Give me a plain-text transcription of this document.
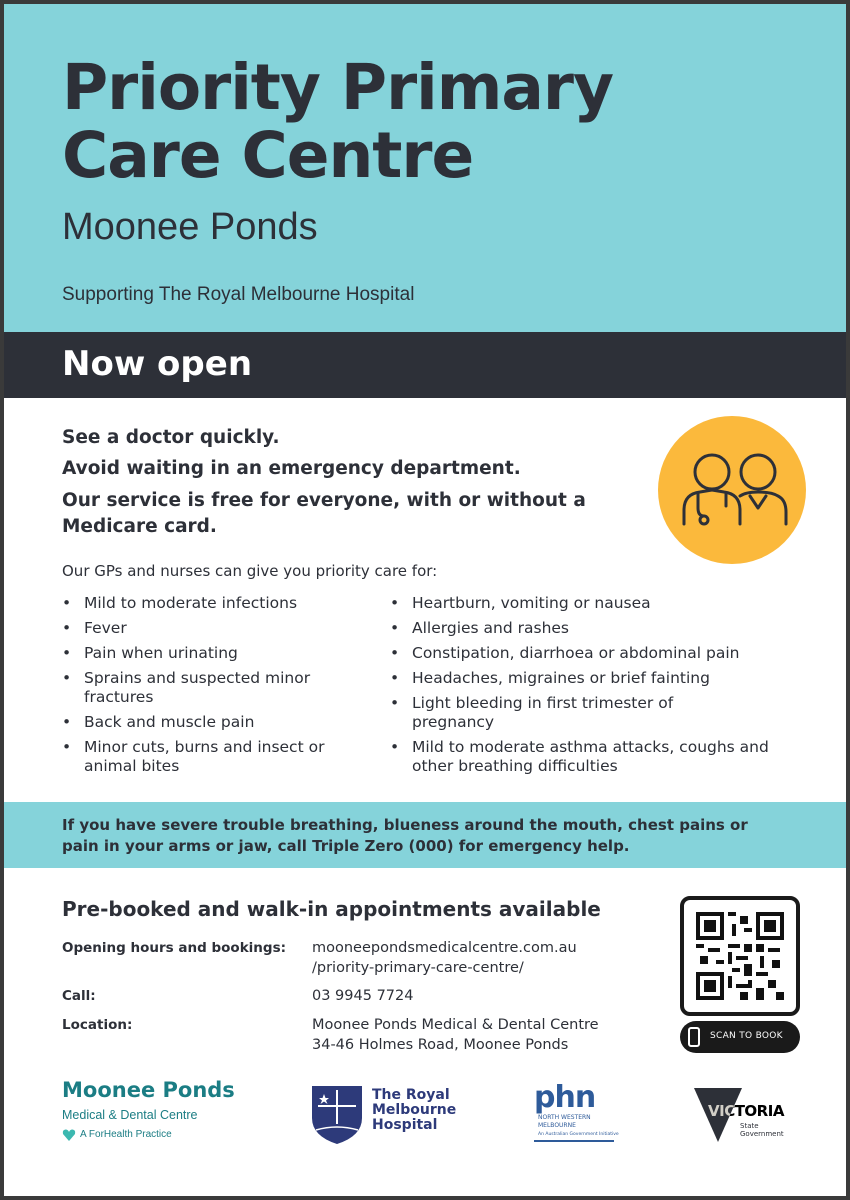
Priority Primary
Care Centre
Moonee Ponds
Supporting The Royal Melbourne Hospital
Now open
See a doctor quickly.
Avoid waiting in an emergency department.
Our service is free for everyone, with or without a Medicare card.
Our GPs and nurses can give you priority care for:
• Mild to moderate infections
• Fever
• Pain when urinating
• Sprains and suspected minor fractures
• Back and muscle pain
• Minor cuts, burns and insect or animal bites
• Heartburn, vomiting or nausea
• Allergies and rashes
• Constipation, diarrhoea or abdominal pain
• Headaches, migraines or brief fainting
• Light bleeding in first trimester of pregnancy
• Mild to moderate asthma attacks, coughs and other breathing difficulties
If you have severe trouble breathing, blueness around the mouth, chest pains or pain in your arms or jaw, call Triple Zero (000) for emergency help.
Pre-booked and walk-in appointments available
Opening hours and bookings: mooneepondsmedicalcentre.com.au
/priority-primary-care-centre/
Call:	03 9945 7724
Location:	Moonee Ponds Medical & Dental Centre
34-46 Holmes Road, Moonee Ponds
SCAN TO BOOK
Moonee Ponds
Medical & Dental Centre
A ForHealth Practice
The Royal
Melbourne
Hospital
phn
NORTH WESTERN
MELBOURNE
An Australian Government Initiative
VICTORIA
State
Government
